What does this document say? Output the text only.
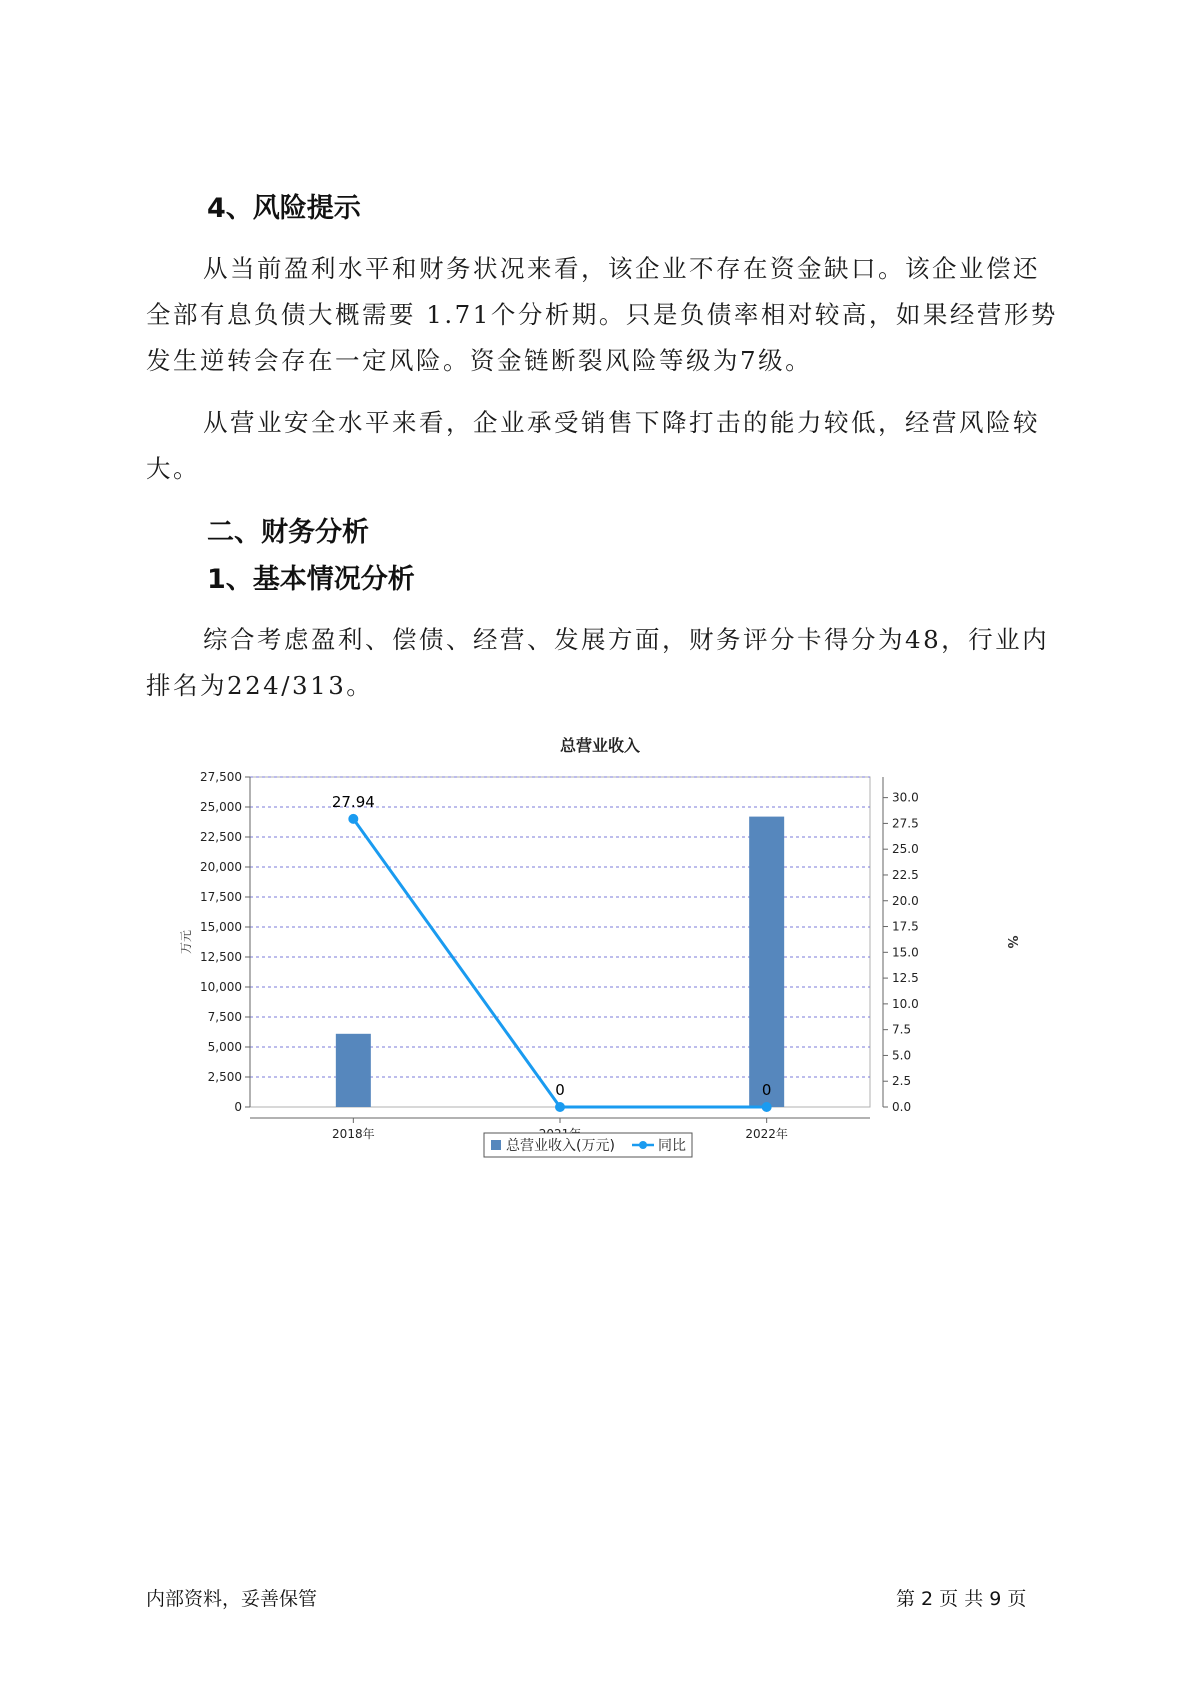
4、风险提示

从当前盈利水平和财务状况来看，该企业不存在资金缺口。该企业偿还全部有息负债大概需要 1.71个分析期。只是负债率相对较高，如果经营形势发生逆转会存在一定风险。资金链断裂风险等级为7级。

从营业安全水平来看，企业承受销售下降打击的能力较低，经营风险较大。

二、财务分析
1、基本情况分析

综合考虑盈利、偿债、经营、发展方面，财务评分卡得分为48，行业内排名为224/313。

总营业收入
27.94
0	0
0
2,500
5,000
7,500
10,000
12,500
15,000
17,500
20,000
22,500
25,000
27,500
0.0
2.5
5.0
7.5
10.0
12.5
15.0
17.5
20.0
22.5
25.0
27.5
30.0
2018年	2022年
万元	%
总营业收入(万元)	同比
内部资料，妥善保管	第 2 页 共 9 页
